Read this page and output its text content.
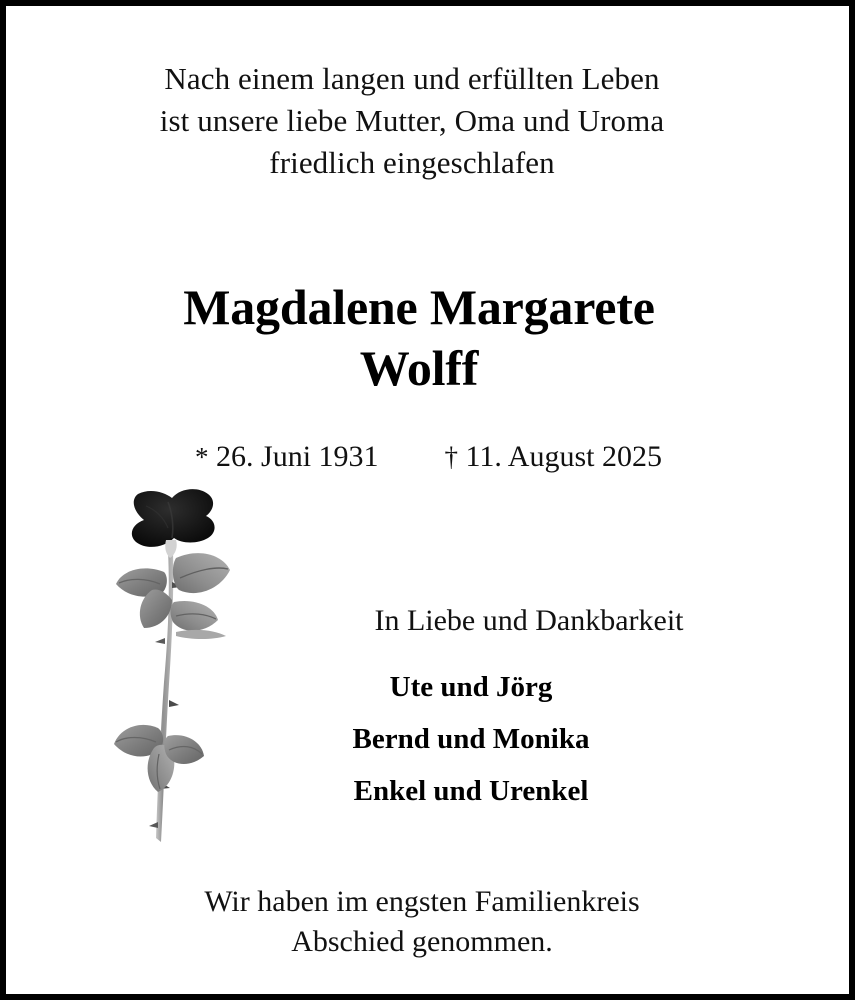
Nach einem langen und erfüllten Leben
ist unsere liebe Mutter, Oma und Uroma
friedlich eingeschlafen
Magdalene Margarete
Wolff
* 26. Juni 1931 † 11. August 2025
In Liebe und Dankbarkeit
Ute und Jörg
Bernd und Monika
Enkel und Urenkel
Wir haben im engsten Familienkreis
Abschied genommen.
